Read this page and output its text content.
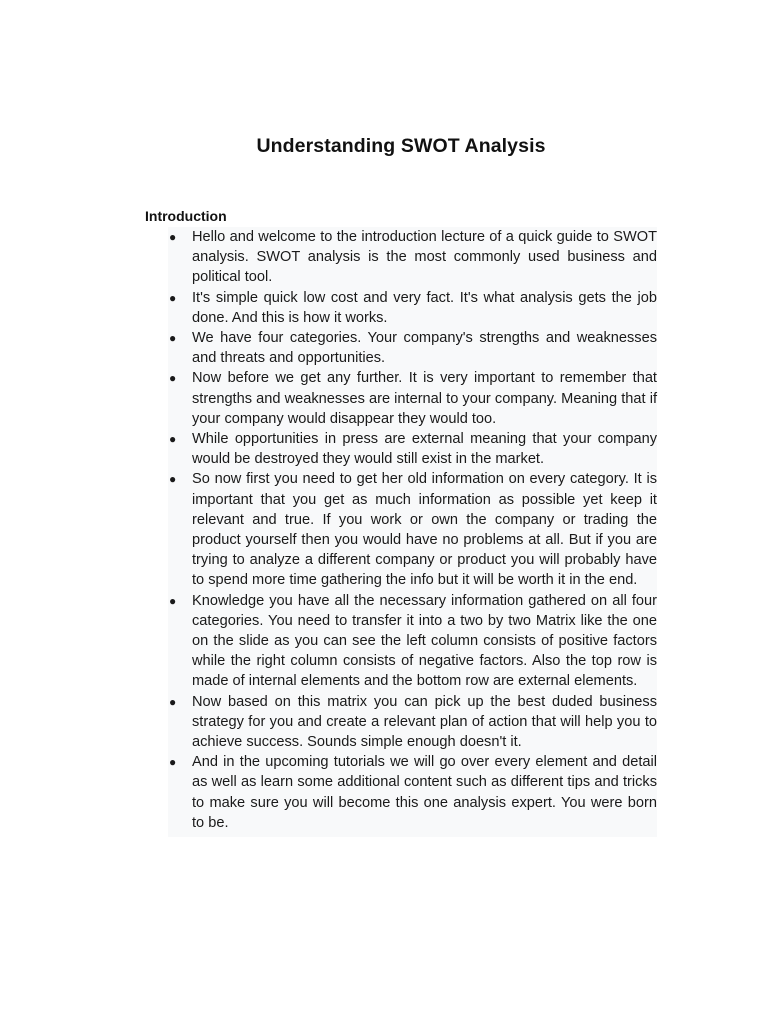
Understanding SWOT Analysis
Introduction
● Hello and welcome to the introduction lecture of a quick guide to SWOT analysis. SWOT analysis is the most commonly used business and political tool.
● It's simple quick low cost and very fact. It's what analysis gets the job done. And this is how it works.
● We have four categories. Your company's strengths and weaknesses and threats and opportunities.
● Now before we get any further. It is very important to remember that strengths and weaknesses are internal to your company. Meaning that if your company would disappear they would too.
● While opportunities in press are external meaning that your company would be destroyed they would still exist in the market.
● So now first you need to get her old information on every category. It is important that you get as much information as possible yet keep it relevant and true. If you work or own the company or trading the product yourself then you would have no problems at all. But if you are trying to analyze a different company or product you will probably have to spend more time gathering the info but it will be worth it in the end.
● Knowledge you have all the necessary information gathered on all four categories. You need to transfer it into a two by two Matrix like the one on the slide as you can see the left column consists of positive factors while the right column consists of negative factors. Also the top row is made of internal elements and the bottom row are external elements.
● Now based on this matrix you can pick up the best duded business strategy for you and create a relevant plan of action that will help you to achieve success. Sounds simple enough doesn't it.
● And in the upcoming tutorials we will go over every element and detail as well as learn some additional content such as different tips and tricks to make sure you will become this one analysis expert. You were born to be.
